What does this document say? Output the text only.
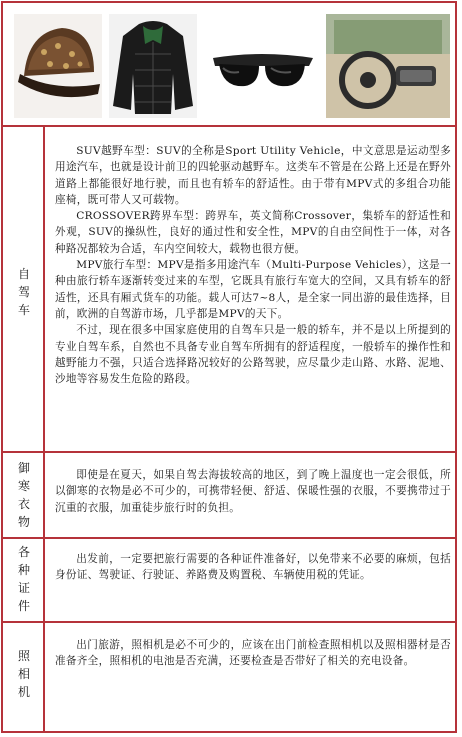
自
驾
车

SUV越野车型：SUV的全称是Sport Utility Vehicle，中文意思是运动型多用途汽车，也就是设计前卫的四轮驱动越野车。这类车不管是在公路上还是在野外道路上都能很好地行驶，而且也有轿车的舒适性。由于带有MPV式的多组合功能座椅，既可带人又可载物。

CROSSOVER跨界车型：跨界车，英文简称Crossover，集轿车的舒适性和外观，SUV的操纵性，良好的通过性和安全性，MPV的自由空间性于一体，对各种路况都较为合适，车内空间较大，载物也很方便。

MPV旅行车型：MPV是指多用途汽车（Multi-Purpose Vehicles），这是一种由旅行轿车逐渐转变过来的车型，它既具有旅行车宽大的空间，又具有轿车的舒适性，还具有厢式货车的功能。载人可达7~8人，是全家一同出游的最佳选择，目前，欧洲的自驾游市场，几乎都是MPV的天下。

不过，现在很多中国家庭使用的自驾车只是一般的轿车，并不是以上所提到的专业自驾车系，自然也不具备专业自驾车所拥有的舒适程度，一般轿车的操作性和越野能力不强，只适合选择路况较好的公路驾驶，应尽量少走山路、水路、泥地、沙地等容易发生危险的路段。

御
寒
衣
物

即使是在夏天，如果自驾去海拔较高的地区，到了晚上温度也一定会很低，所以御寒的衣物是必不可少的，可携带轻便、舒适、保暖性强的衣服，不要携带过于沉重的衣服，加重徒步旅行时的负担。

各
种
证
件

出发前，一定要把旅行需要的各种证件准备好，以免带来不必要的麻烦，包括身份证、驾驶证、行驶证、养路费及购置税、车辆使用税的凭证。

照
相
机

出门旅游，照相机是必不可少的，应该在出门前检查照相机以及照相器材是否准备齐全，照相机的电池是否充满，还要检查是否带好了相关的充电设备。
